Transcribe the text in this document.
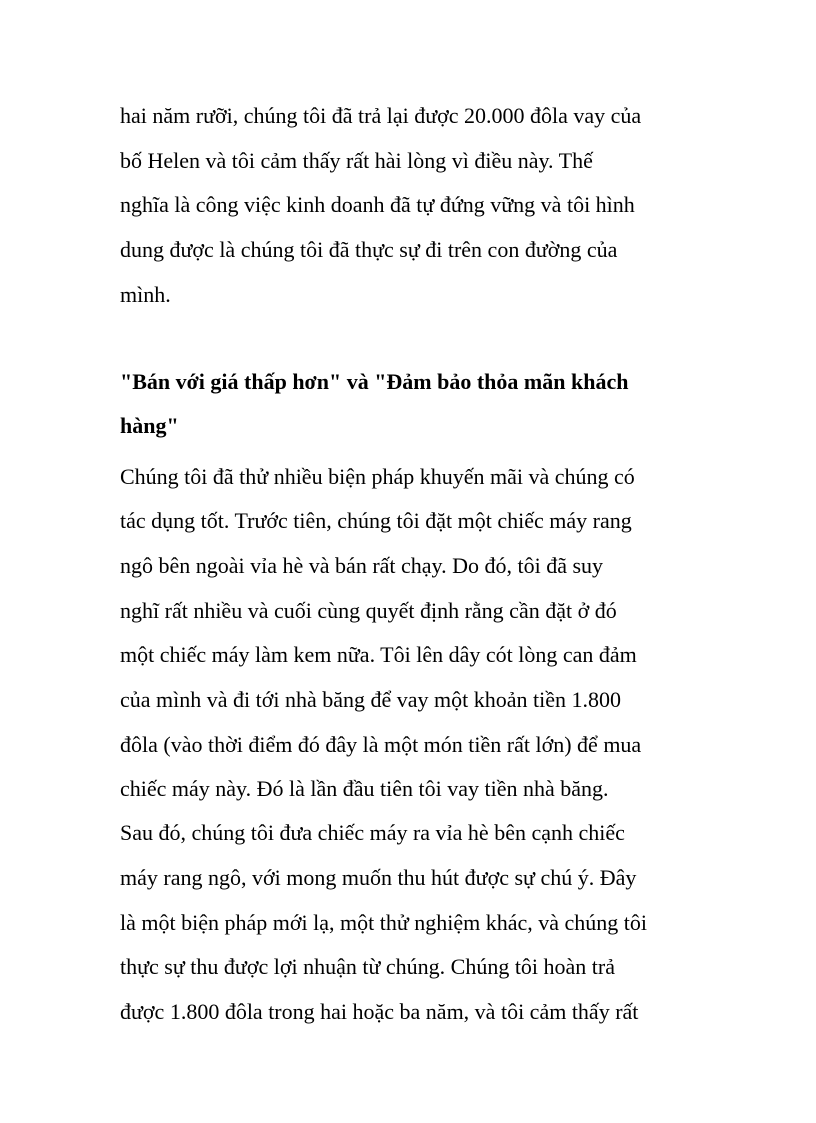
hai năm rưỡi, chúng tôi đã trả lại được 20.000 đôla vay của
bố Helen và tôi cảm thấy rất hài lòng vì điều này. Thế
nghĩa là công việc kinh doanh đã tự đứng vững và tôi hình
dung được là chúng tôi đã thực sự đi trên con đường của
mình.
"Bán với giá thấp hơn" và "Đảm bảo thỏa mãn khách
hàng"
Chúng tôi đã thử nhiều biện pháp khuyến mãi và chúng có
tác dụng tốt. Trước tiên, chúng tôi đặt một chiếc máy rang
ngô bên ngoài vỉa hè và bán rất chạy. Do đó, tôi đã suy
nghĩ rất nhiều và cuối cùng quyết định rằng cần đặt ở đó
một chiếc máy làm kem nữa. Tôi lên dây cót lòng can đảm
của mình và đi tới nhà băng để vay một khoản tiền 1.800
đôla (vào thời điểm đó đây là một món tiền rất lớn) để mua
chiếc máy này. Đó là lần đầu tiên tôi vay tiền nhà băng.
Sau đó, chúng tôi đưa chiếc máy ra vỉa hè bên cạnh chiếc
máy rang ngô, với mong muốn thu hút được sự chú ý. Đây
là một biện pháp mới lạ, một thử nghiệm khác, và chúng tôi
thực sự thu được lợi nhuận từ chúng. Chúng tôi hoàn trả
được 1.800 đôla trong hai hoặc ba năm, và tôi cảm thấy rất
